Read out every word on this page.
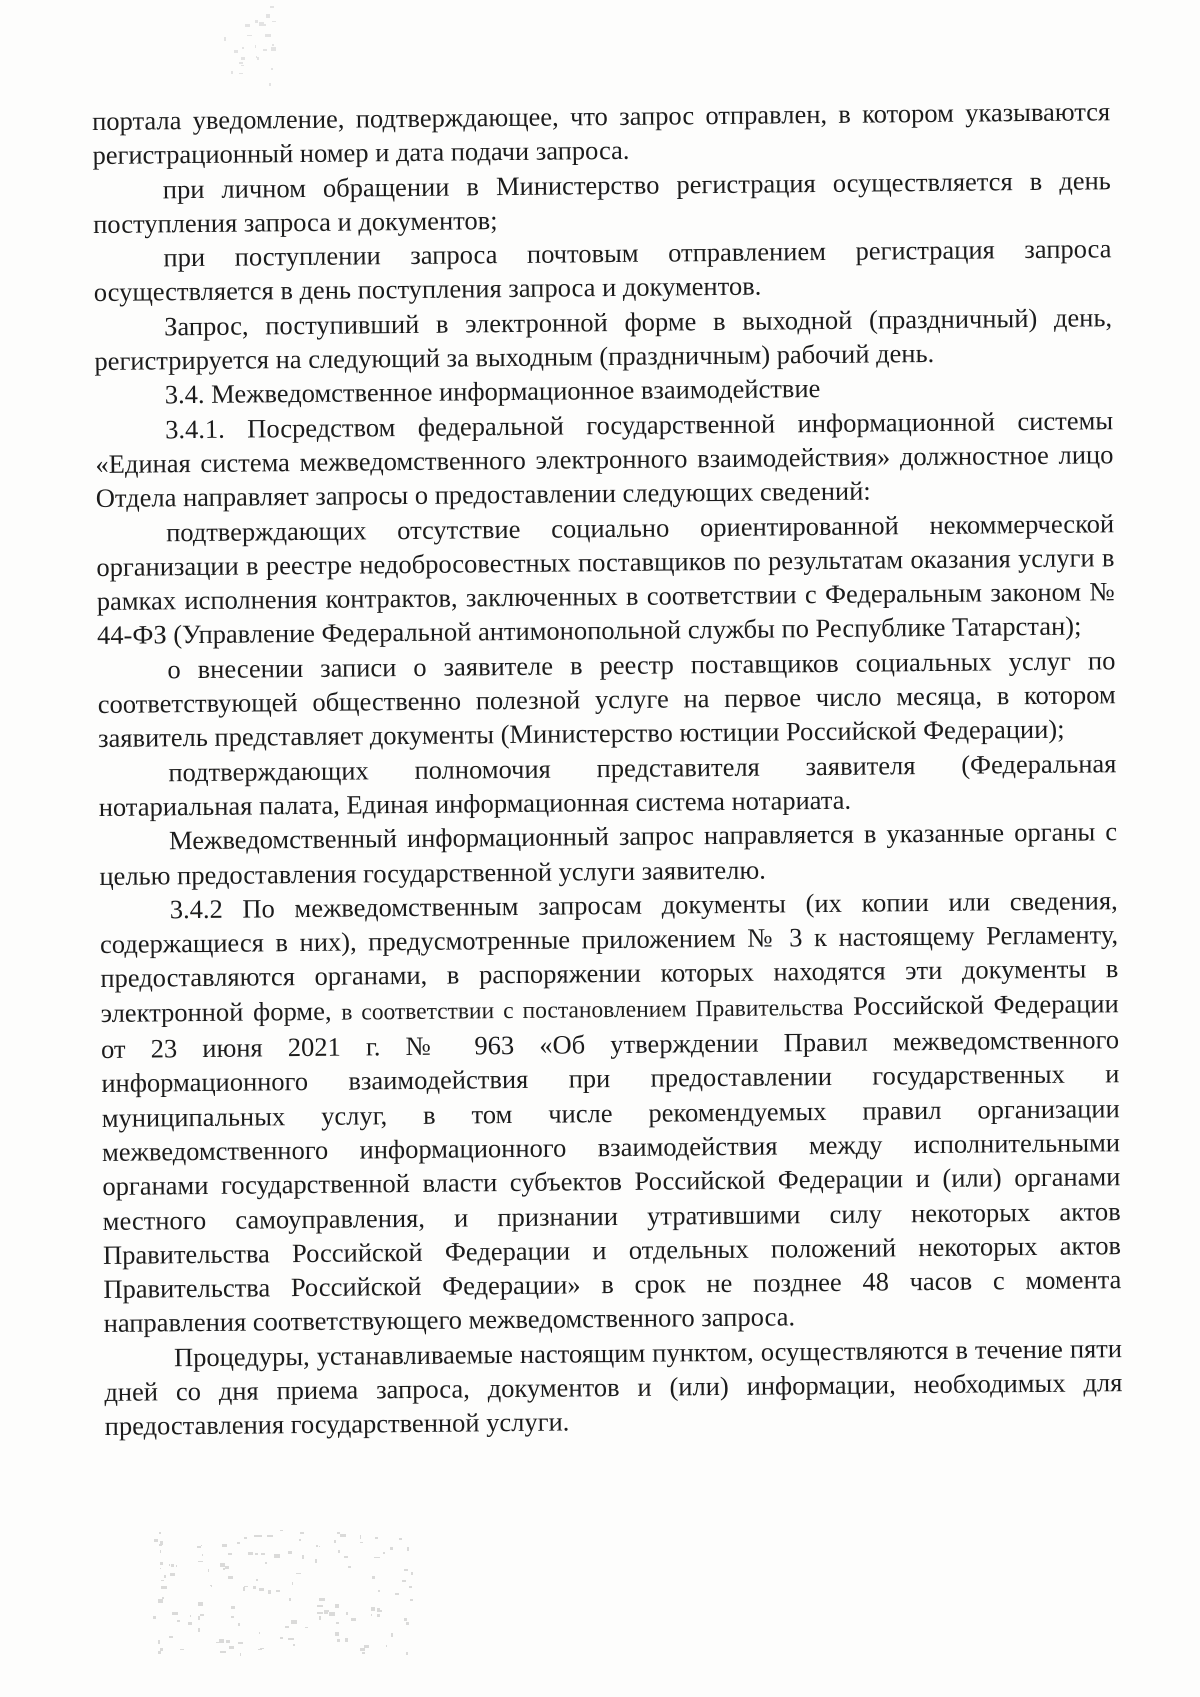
портала уведомление, подтверждающее, что запрос отправлен, в котором указываются регистрационный номер и дата подачи запроса.

при личном обращении в Министерство регистрация осуществляется в день поступления запроса и документов;

при поступлении запроса почтовым отправлением регистрация запроса осуществляется в день поступления запроса и документов.

Запрос, поступивший в электронной форме в выходной (праздничный) день, регистрируется на следующий за выходным (праздничным) рабочий день.

3.4. Межведомственное информационное взаимодействие

3.4.1. Посредством федеральной государственной информационной системы «Единая система межведомственного электронного взаимодействия» должностное лицо Отдела направляет запросы о предоставлении следующих сведений:

подтверждающих отсутствие социально ориентированной некоммерческой организации в реестре недобросовестных поставщиков по результатам оказания услуги в рамках исполнения контрактов, заключенных в соответствии с Федеральным законом № 44-ФЗ (Управление Федеральной антимонопольной службы по Республике Татарстан);

о внесении записи о заявителе в реестр поставщиков социальных услуг по соответствующей общественно полезной услуге на первое число месяца, в котором заявитель представляет документы (Министерство юстиции Российской Федерации);

подтверждающих полномочия представителя заявителя (Федеральная нотариальная палата, Единая информационная система нотариата.

Межведомственный информационный запрос направляется в указанные органы с целью предоставления государственной услуги заявителю.

3.4.2 По межведомственным запросам документы (их копии или сведения, содержащиеся в них), предусмотренные приложением № 3 к настоящему Регламенту, предоставляются органами, в распоряжении которых находятся эти документы в электронной форме, в соответствии с постановлением Правительства Российской Федерации от 23 июня 2021 г. № 963 «Об утверждении Правил межведомственного информационного взаимодействия при предоставлении государственных и муниципальных услуг, в том числе рекомендуемых правил организации межведомственного информационного взаимодействия между исполнительными органами государственной власти субъектов Российской Федерации и (или) органами местного самоуправления, и признании утратившими силу некоторых актов Правительства Российской Федерации и отдельных положений некоторых актов Правительства Российской Федерации» в срок не позднее 48 часов с момента направления соответствующего межведомственного запроса.

Процедуры, устанавливаемые настоящим пунктом, осуществляются в течение пяти дней со дня приема запроса, документов и (или) информации, необходимых для предоставления государственной услуги.
